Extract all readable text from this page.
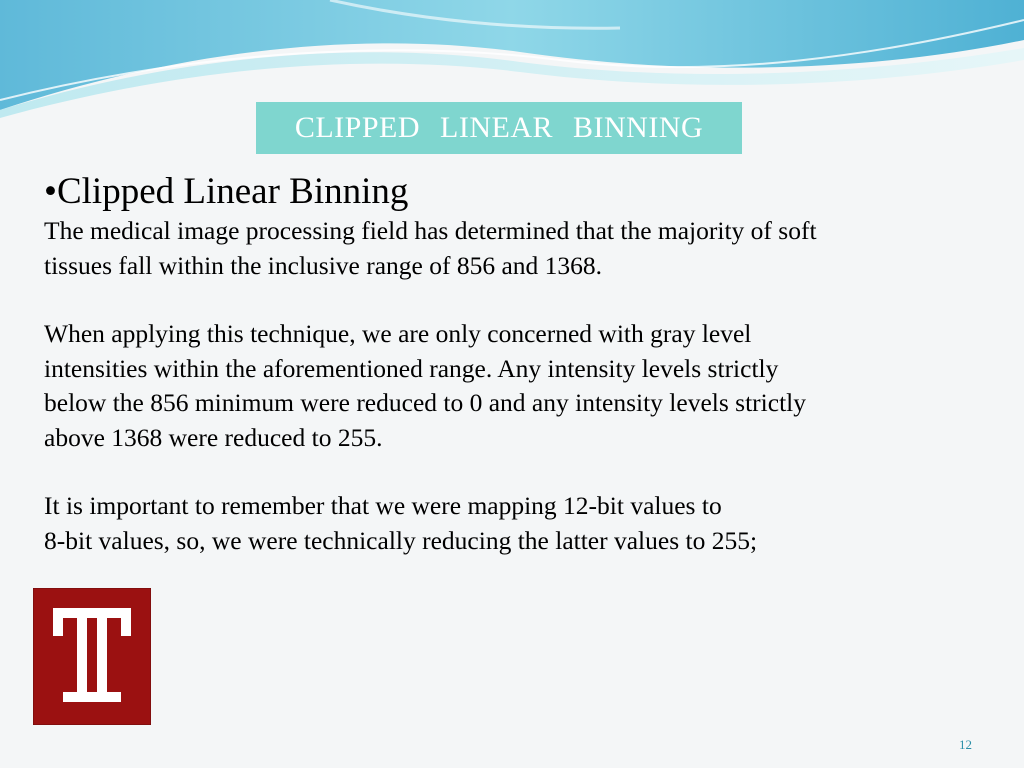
CLIPPED LINEAR BINNING

•Clipped Linear Binning

The medical image processing field has determined that the majority of soft
tissues fall within the inclusive range of 856 and 1368.

When applying this technique, we are only concerned with gray level
intensities within the aforementioned range. Any intensity levels strictly
below the 856 minimum were reduced to 0 and any intensity levels strictly
above 1368 were reduced to 255.

It is important to remember that we were mapping 12-bit values to
8-bit values, so, we were technically reducing the latter values to 255;

12
